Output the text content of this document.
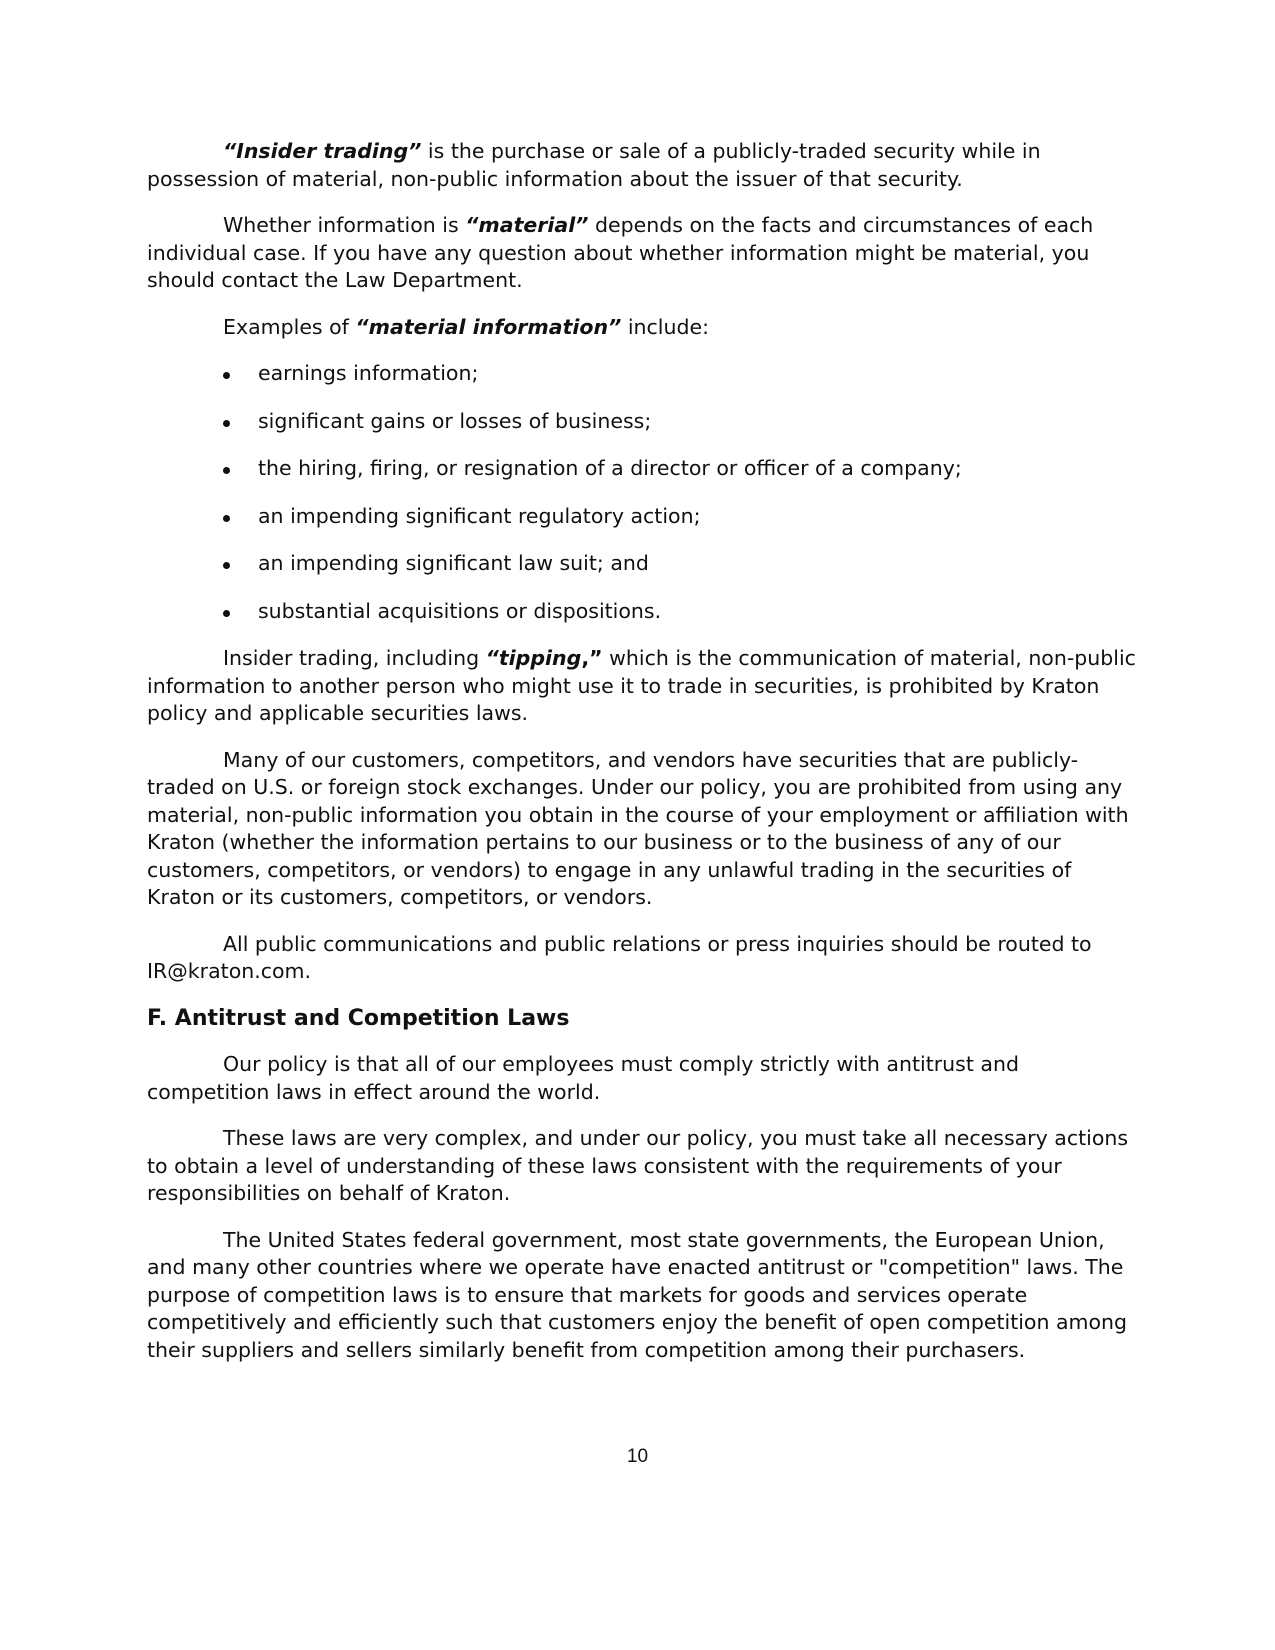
“Insider trading” is the purchase or sale of a publicly-traded security while in possession of material, non-public information about the issuer of that security.

Whether information is “material” depends on the facts and circumstances of each individual case. If you have any question about whether information might be material, you should contact the Law Department.

Examples of “material information” include:

earnings information;
significant gains or losses of business;
the hiring, firing, or resignation of a director or officer of a company;
an impending significant regulatory action;
an impending significant law suit; and
substantial acquisitions or dispositions.

Insider trading, including “tipping,” which is the communication of material, non-public information to another person who might use it to trade in securities, is prohibited by Kraton policy and applicable securities laws.

Many of our customers, competitors, and vendors have securities that are publicly-traded on U.S. or foreign stock exchanges. Under our policy, you are prohibited from using any material, non-public information you obtain in the course of your employment or affiliation with Kraton (whether the information pertains to our business or to the business of any of our customers, competitors, or vendors) to engage in any unlawful trading in the securities of Kraton or its customers, competitors, or vendors.

All public communications and public relations or press inquiries should be routed to IR@kraton.com.

F. Antitrust and Competition Laws

Our policy is that all of our employees must comply strictly with antitrust and competition laws in effect around the world.

These laws are very complex, and under our policy, you must take all necessary actions to obtain a level of understanding of these laws consistent with the requirements of your responsibilities on behalf of Kraton.

The United States federal government, most state governments, the European Union, and many other countries where we operate have enacted antitrust or "competition" laws. The purpose of competition laws is to ensure that markets for goods and services operate competitively and efficiently such that customers enjoy the benefit of open competition among their suppliers and sellers similarly benefit from competition among their purchasers.

10
